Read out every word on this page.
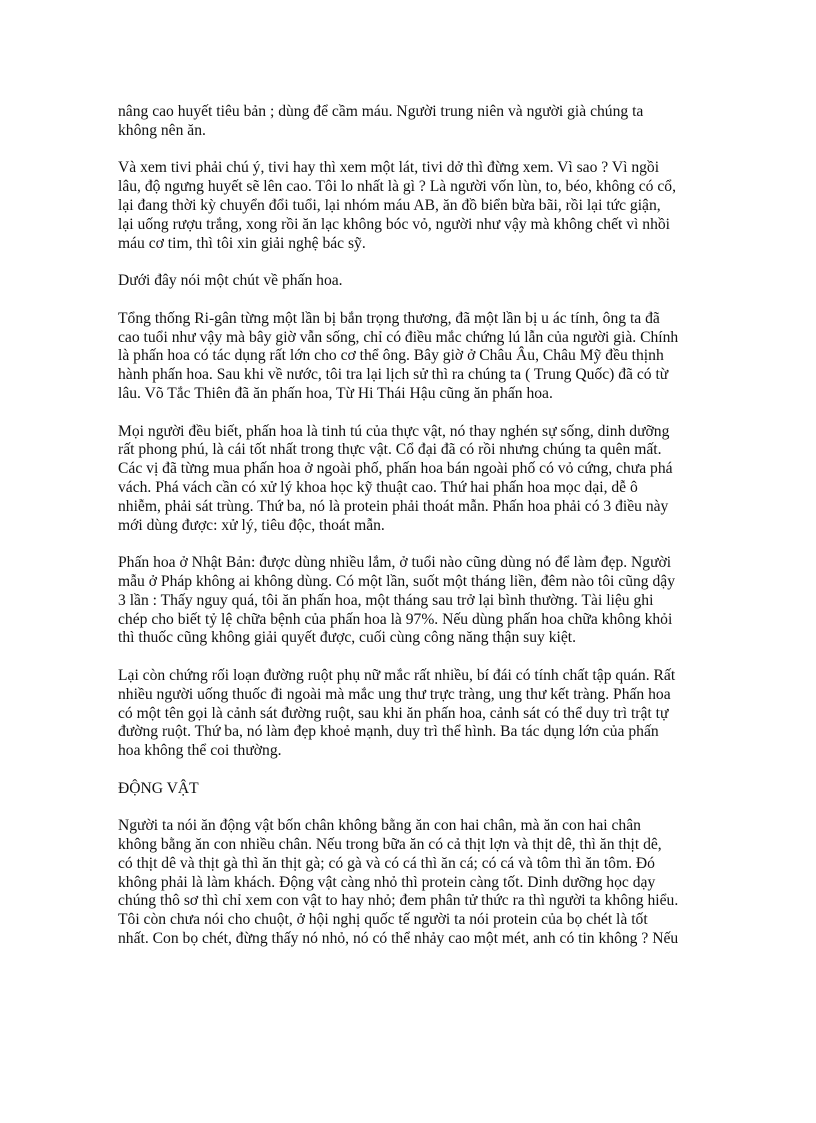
nâng cao huyết tiêu bản ; dùng để cầm máu. Người trung niên và người già chúng ta
không nên ăn.

Và xem tivi phải chú ý, tivi hay thì xem một lát, tivi dở thì đừng xem. Vì sao ? Vì ngồi
lâu, độ ngưng huyết sẽ lên cao. Tôi lo nhất là gì ? Là người vốn lùn, to, béo, không có cổ,
lại đang thời kỳ chuyển đổi tuổi, lại nhóm máu AB, ăn đồ biển bừa bãi, rồi lại tức giận,
lại uống rượu trắng, xong rồi ăn lạc không bóc vỏ, người như vậy mà không chết vì nhồi
máu cơ tim, thì tôi xin giải nghệ bác sỹ.

Dưới đây nói một chút về phấn hoa.

Tổng thống Ri-gân từng một lần bị bắn trọng thương, đã một lần bị u ác tính, ông ta đã
cao tuổi như vậy mà bây giờ vẫn sống, chỉ có điều mắc chứng lú lẫn của người già. Chính
là phấn hoa có tác dụng rất lớn cho cơ thể ông. Bây giờ ở Châu Âu, Châu Mỹ đều thịnh
hành phấn hoa. Sau khi về nước, tôi tra lại lịch sử thì ra chúng ta ( Trung Quốc) đã có từ
lâu. Võ Tắc Thiên đã ăn phấn hoa, Từ Hi Thái Hậu cũng ăn phấn hoa.

Mọi người đều biết, phấn hoa là tinh tú của thực vật, nó thay nghén sự sống, dinh dưỡng
rất phong phú, là cái tốt nhất trong thực vật. Cổ đại đã có rồi nhưng chúng ta quên mất.
Các vị đã từng mua phấn hoa ở ngoài phố, phấn hoa bán ngoài phố có vỏ cứng, chưa phá
vách. Phá vách cần có xử lý khoa học kỹ thuật cao. Thứ hai phấn hoa mọc dại, dễ ô
nhiễm, phải sát trùng. Thứ ba, nó là protein phải thoát mẫn. Phấn hoa phải có 3 điều này
mới dùng được: xử lý, tiêu độc, thoát mẫn.

Phấn hoa ở Nhật Bản: được dùng nhiều lắm, ở tuổi nào cũng dùng nó để làm đẹp. Người
mẫu ở Pháp không ai không dùng. Có một lần, suốt một tháng liền, đêm nào tôi cũng dậy
3 lần : Thấy nguy quá, tôi ăn phấn hoa, một tháng sau trở lại bình thường. Tài liệu ghi
chép cho biết tỷ lệ chữa bệnh của phấn hoa là 97%. Nếu dùng phấn hoa chữa không khỏi
thì thuốc cũng không giải quyết được, cuối cùng công năng thận suy kiệt.

Lại còn chứng rối loạn đường ruột phụ nữ mắc rất nhiều, bí đái có tính chất tập quán. Rất
nhiều người uống thuốc đi ngoài mà mắc ung thư trực tràng, ung thư kết tràng. Phấn hoa
có một tên gọi là cảnh sát đường ruột, sau khi ăn phấn hoa, cảnh sát có thể duy trì trật tự
đường ruột. Thứ ba, nó làm đẹp khoẻ mạnh, duy trì thể hình. Ba tác dụng lớn của phấn
hoa không thể coi thường.

ĐỘNG VẬT

Người ta nói ăn động vật bốn chân không bằng ăn con hai chân, mà ăn con hai chân
không bằng ăn con nhiều chân. Nếu trong bữa ăn có cả thịt lợn và thịt dê, thì ăn thịt dê,
có thịt dê và thịt gà thì ăn thịt gà; có gà và có cá thì ăn cá; có cá và tôm thì ăn tôm. Đó
không phải là làm khách. Động vật càng nhỏ thì protein càng tốt. Dinh dưỡng học dạy
chúng thô sơ thì chỉ xem con vật to hay nhỏ; đem phân tử thức ra thì người ta không hiểu.
Tôi còn chưa nói cho chuột, ở hội nghị quốc tế người ta nói protein của bọ chét là tốt
nhất. Con bọ chét, đừng thấy nó nhỏ, nó có thể nhảy cao một mét, anh có tin không ? Nếu
